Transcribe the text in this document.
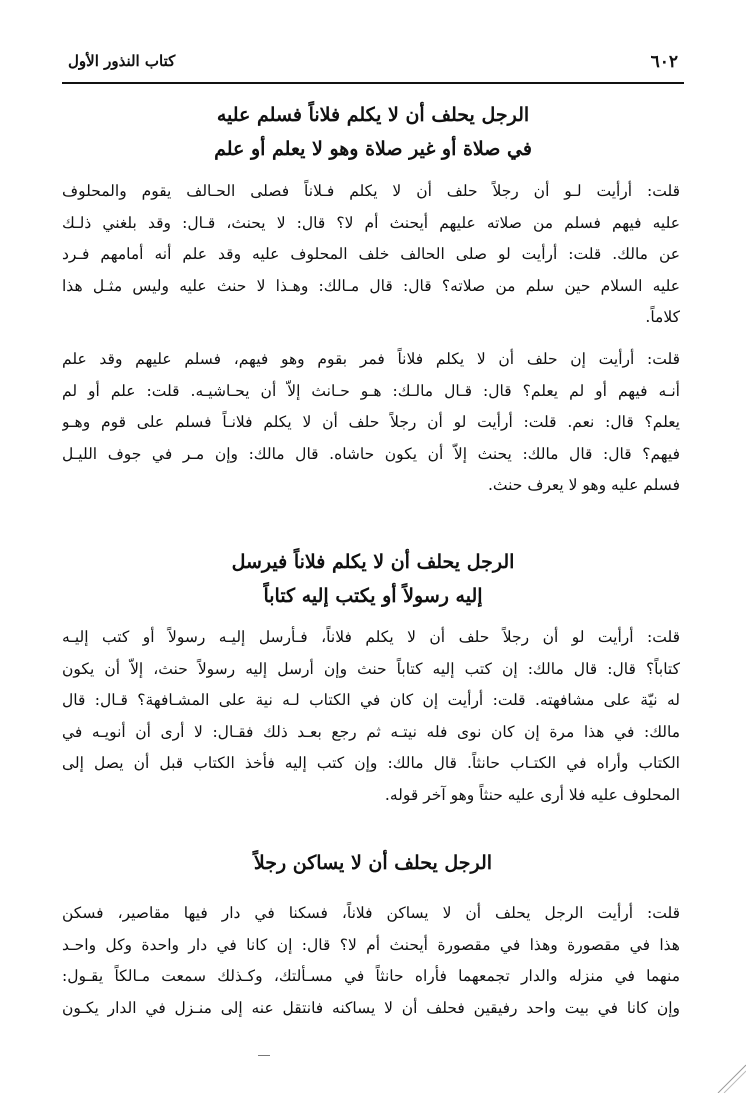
٦٠٢
كتاب النذور الأول
الرجل يحلف أن لا يكلم فلاناً فسلم عليه
في صلاة أو غير صلاة وهو لا يعلم أو علم
قلت: أرأيت لـو أن رجلاً حلف أن لا يكلم فـلاناً فصلى الحـالف يقوم والمحلوف
عليه فيهم فسلم من صلاته عليهم أيحنث أم لا؟ قال: لا يحنث، قـال: وقد بلغني ذلـك
عن مالك. قلت: أرأيت لو صلى الحالف خلف المحلوف عليه وقد علم أنه أمامهم فـرد
عليه السلام حين سلم من صلاته؟ قال: قال مـالك: وهـذا لا حنث عليه وليس مثـل هذا
كلاماً.
قلت: أرأيت إن حلف أن لا يكلم فلاناً فمر بقوم وهو فيهم، فسلم عليهم وقد علم
أنـه فيهم أو لم يعلم؟ قال: قـال مالـك: هـو حـانث إلاّ أن يحـاشيـه. قلت: علم أو لم
يعلم؟ قال: نعم. قلت: أرأيت لو أن رجلاً حلف أن لا يكلم فلانـاً فسلم على قوم وهـو
فيهم؟ قال: قال مالك: يحنث إلاّ أن يكون حاشاه. قال مالك: وإن مـر في جوف الليـل
فسلم عليه وهو لا يعرف حنث.
الرجل يحلف أن لا يكلم فلاناً فيرسل
إليه رسولاً أو يكتب إليه كتاباً
قلت: أرأيت لو أن رجلاً حلف أن لا يكلم فلاناً، فـأرسل إليـه رسولاً أو كتب إليـه
كتاباً؟ قال: قال مالك: إن كتب إليه كتاباً حنث وإن أرسل إليه رسولاً حنث، إلاّ أن يكون
له نيّة على مشافهته. قلت: أرأيت إن كان في الكتاب لـه نية على المشـافهة؟ قـال: قال
مالك: في هذا مرة إن كان نوى فله نيتـه ثم رجع بعـد ذلك فقـال: لا أرى أن أنويـه في
الكتاب وأراه في الكتـاب حانثاً. قال مالك: وإن كتب إليه فأخذ الكتاب قبل أن يصل إلى
المحلوف عليه فلا أرى عليه حنثاً وهو آخر قوله.
الرجل يحلف أن لا يساكن رجلاً
قلت: أرأيت الرجل يحلف أن لا يساكن فلاناً، فسكنا في دار فيها مقاصير، فسكن
هذا في مقصورة وهذا في مقصورة أيحنث أم لا؟ قال: إن كانا في دار واحدة وكل واحـد
منهما في منزله والدار تجمعهما فأراه حانثاً في مسـألتك، وكـذلك سمعت مـالكاً يقـول:
وإن كانا في بيت واحد رفيقين فحلف أن لا يساكنه فانتقل عنه إلى منـزل في الدار يكـون
